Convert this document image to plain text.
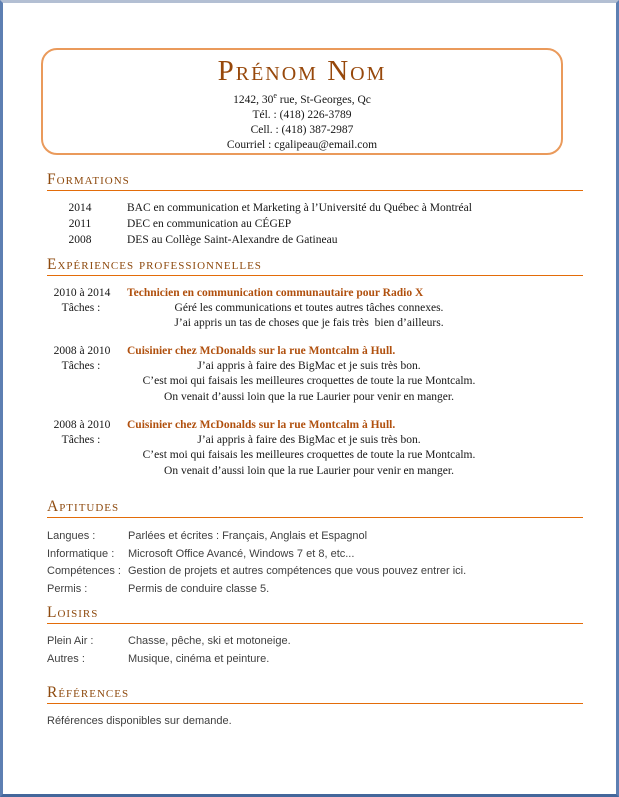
Prénom Nom
1242, 30e rue, St-Georges, Qc
Tél. : (418) 226-3789
Cell. : (418) 387-2987
Courriel : cgalipeau@email.com
Formations
2014	BAC en communication et Marketing à l’Université du Québec à Montréal
2011	DEC en communication au CÉGEP
2008	DES au Collège Saint-Alexandre de Gatineau
Expériences professionnelles
2010 à 2014	Technicien en communication communautaire pour Radio X
Tâches :	Géré les communications et toutes autres tâches connexes.
J’ai appris un tas de choses que je fais très  bien d’ailleurs.
2008 à 2010	Cuisinier chez McDonalds sur la rue Montcalm à Hull.
Tâches :	J’ai appris à faire des BigMac et je suis très bon.
C’est moi qui faisais les meilleures croquettes de toute la rue Montcalm.
On venait d’aussi loin que la rue Laurier pour venir en manger.
2008 à 2010	Cuisinier chez McDonalds sur la rue Montcalm à Hull.
Tâches :	J’ai appris à faire des BigMac et je suis très bon.
C’est moi qui faisais les meilleures croquettes de toute la rue Montcalm.
On venait d’aussi loin que la rue Laurier pour venir en manger.
Aptitudes
Langues :	Parlées et écrites : Français, Anglais et Espagnol
Informatique :	Microsoft Office Avancé, Windows 7 et 8, etc...
Compétences : Gestion de projets et autres compétences que vous pouvez entrer ici.
Permis :	Permis de conduire classe 5.
Loisirs
Plein Air :	Chasse, pêche, ski et motoneige.
Autres :	Musique, cinéma et peinture.
Références
Références disponibles sur demande.
